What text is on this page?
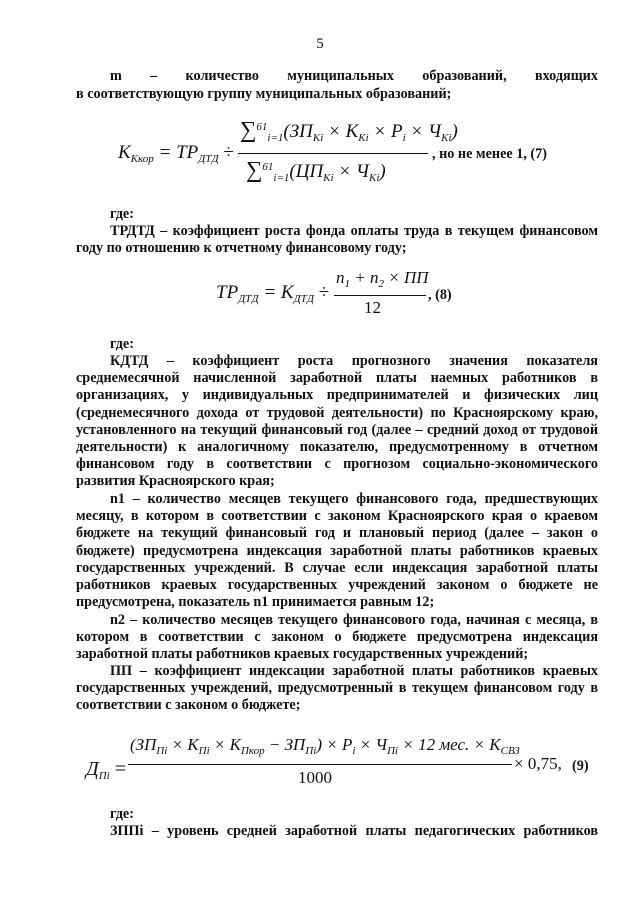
5
m – количество муниципальных образований, входящих
в соответствующую группу муниципальных образований;
$K_{Kкор} = ТР_{ДТД}$ ÷
$\sum^{61}_{i=1}(ЗП_{Ki} \times K_{Ki} \times P_i \times Ч_{Ki})$
$\sum^{61}_{i=1}(ЦП_{Ki} \times Ч_{Ki})$
, но не менее 1, (7)
где:
ТРДТД – коэффициент роста фонда оплаты труда в текущем финансовом году по отношению к отчетному финансовому году;
$ТР_{ДТД} = K_{ДТД}$ ÷
$n_1 + n_2$ × ПП
12
, (8)
где:
КДТД – коэффициент роста прогнозного значения показателя среднемесячной начисленной заработной платы наемных работников в организациях, у индивидуальных предпринимателей и физических лиц (среднемесячного дохода от трудовой деятельности) по Красноярскому краю, установленного на текущий финансовый год (далее – средний доход от трудовой деятельности) к аналогичному показателю, предусмотренному в отчетном финансовом году в соответствии с прогнозом социально-экономического развития Красноярского края;
n1 – количество месяцев текущего финансового года, предшествующих месяцу, в котором в соответствии с законом Красноярского края о краевом бюджете на текущий финансовый год и плановый период (далее – закон о бюджете) предусмотрена индексация заработной платы работников краевых государственных учреждений. В случае если индексация заработной платы работников краевых государственных учреждений законом о бюджете не предусмотрена, показатель n1 принимается равным 12;
n2 – количество месяцев текущего финансового года, начиная с месяца, в котором в соответствии с законом о бюджете предусмотрена индексация заработной платы работников краевых государственных учреждений;
ПП – коэффициент индексации заработной платы работников краевых государственных учреждений, предусмотренный в текущем финансовом году в соответствии с законом о бюджете;
$Д_{Пi}$ =
$(ЗП_{Пi} \times K_{Пi} \times K_{Пкор} - ЗП_{Пi}) \times P_i \times Ч_{Пi} \times 12$ мес. × $K_{СВЗ}$
1000
× 0,75, (9)
где:
ЗППi – уровень средней заработной платы педагогических работников
